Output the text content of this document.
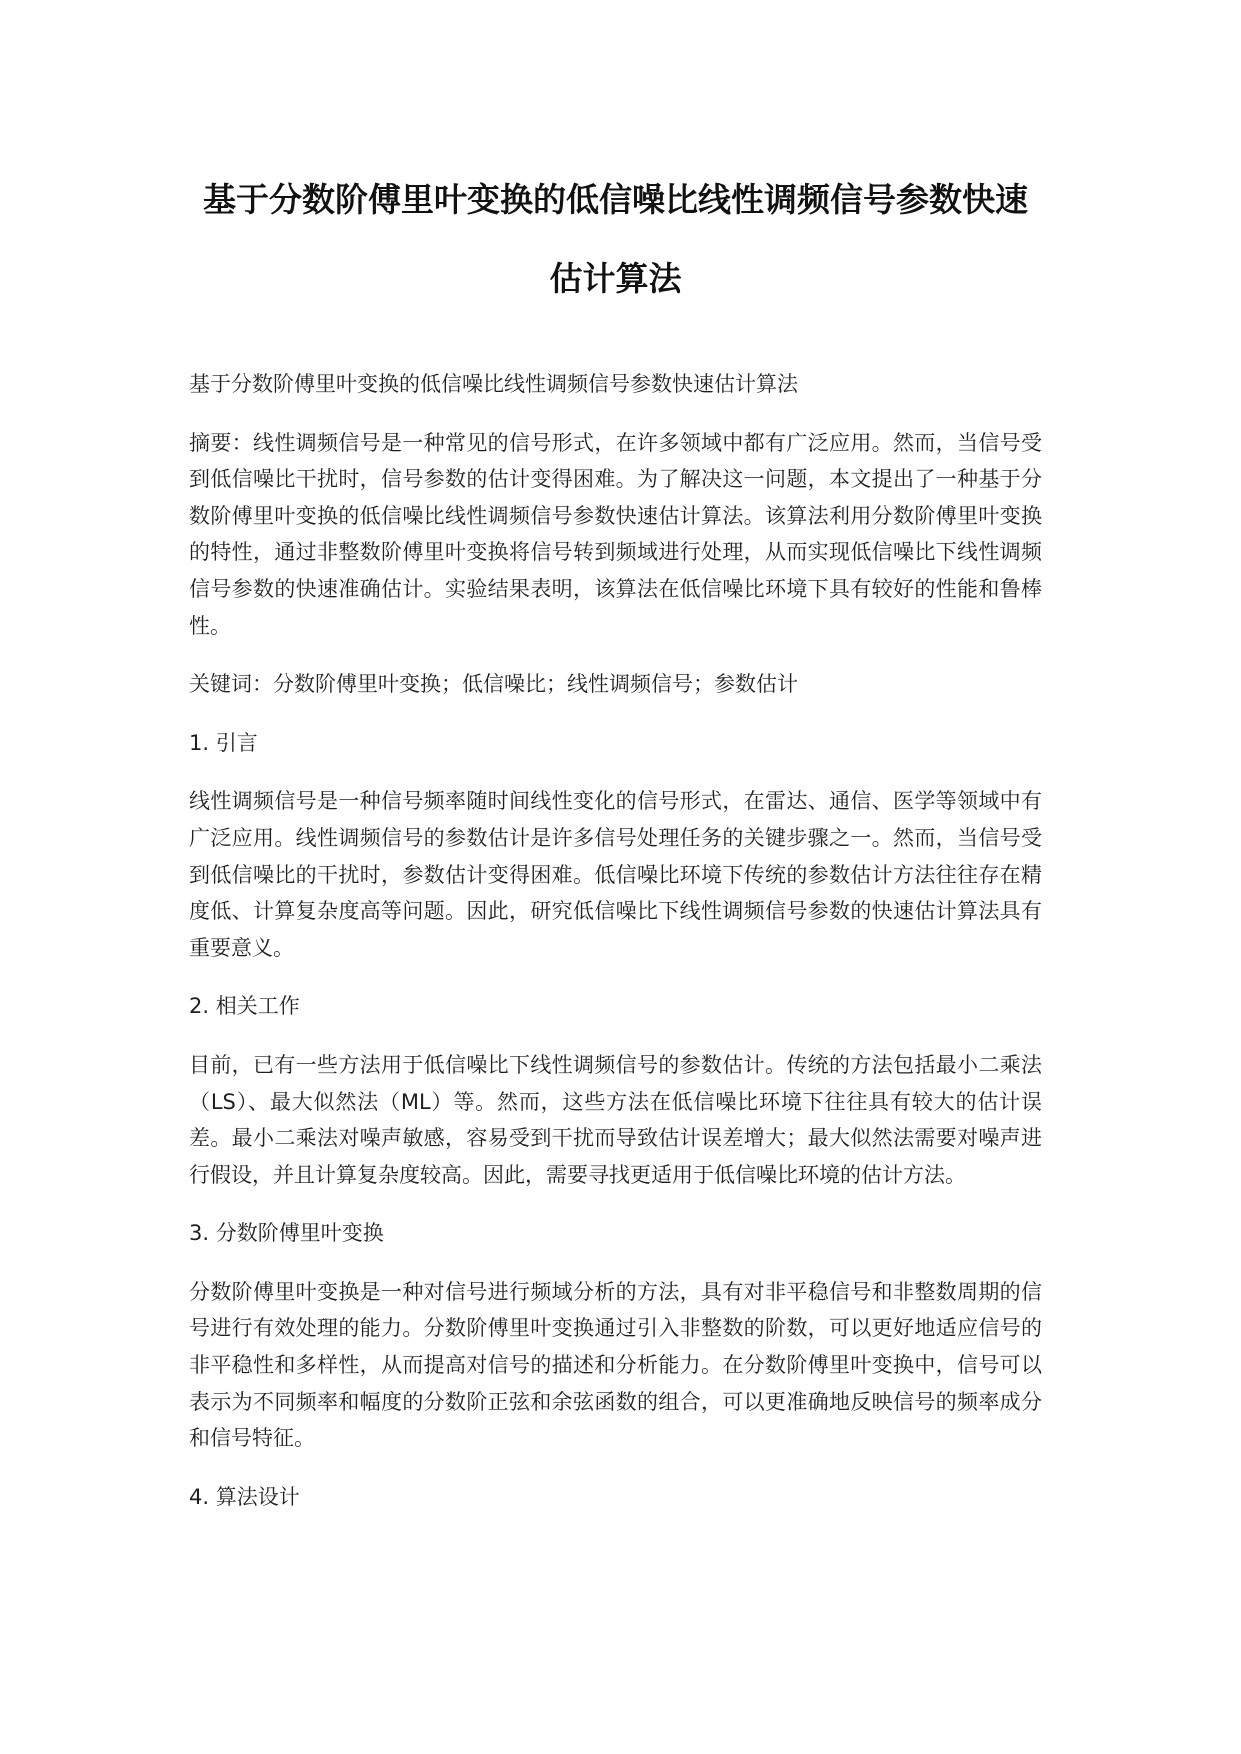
基于分数阶傅里叶变换的低信噪比线性调频信号参数快速估计算法

基于分数阶傅里叶变换的低信噪比线性调频信号参数快速估计算法

摘要：线性调频信号是一种常见的信号形式，在许多领域中都有广泛应用。然而，当信号受到低信噪比干扰时，信号参数的估计变得困难。为了解决这一问题，本文提出了一种基于分数阶傅里叶变换的低信噪比线性调频信号参数快速估计算法。该算法利用分数阶傅里叶变换的特性，通过非整数阶傅里叶变换将信号转到频域进行处理，从而实现低信噪比下线性调频信号参数的快速准确估计。实验结果表明，该算法在低信噪比环境下具有较好的性能和鲁棒性。

关键词：分数阶傅里叶变换；低信噪比；线性调频信号；参数估计

1. 引言

线性调频信号是一种信号频率随时间线性变化的信号形式，在雷达、通信、医学等领域中有广泛应用。线性调频信号的参数估计是许多信号处理任务的关键步骤之一。然而，当信号受到低信噪比的干扰时，参数估计变得困难。低信噪比环境下传统的参数估计方法往往存在精度低、计算复杂度高等问题。因此，研究低信噪比下线性调频信号参数的快速估计算法具有重要意义。

2. 相关工作

目前，已有一些方法用于低信噪比下线性调频信号的参数估计。传统的方法包括最小二乘法（LS）、最大似然法（ML）等。然而，这些方法在低信噪比环境下往往具有较大的估计误差。最小二乘法对噪声敏感，容易受到干扰而导致估计误差增大；最大似然法需要对噪声进行假设，并且计算复杂度较高。因此，需要寻找更适用于低信噪比环境的估计方法。

3. 分数阶傅里叶变换

分数阶傅里叶变换是一种对信号进行频域分析的方法，具有对非平稳信号和非整数周期的信号进行有效处理的能力。分数阶傅里叶变换通过引入非整数的阶数，可以更好地适应信号的非平稳性和多样性，从而提高对信号的描述和分析能力。在分数阶傅里叶变换中，信号可以表示为不同频率和幅度的分数阶正弦和余弦函数的组合，可以更准确地反映信号的频率成分和信号特征。

4. 算法设计
